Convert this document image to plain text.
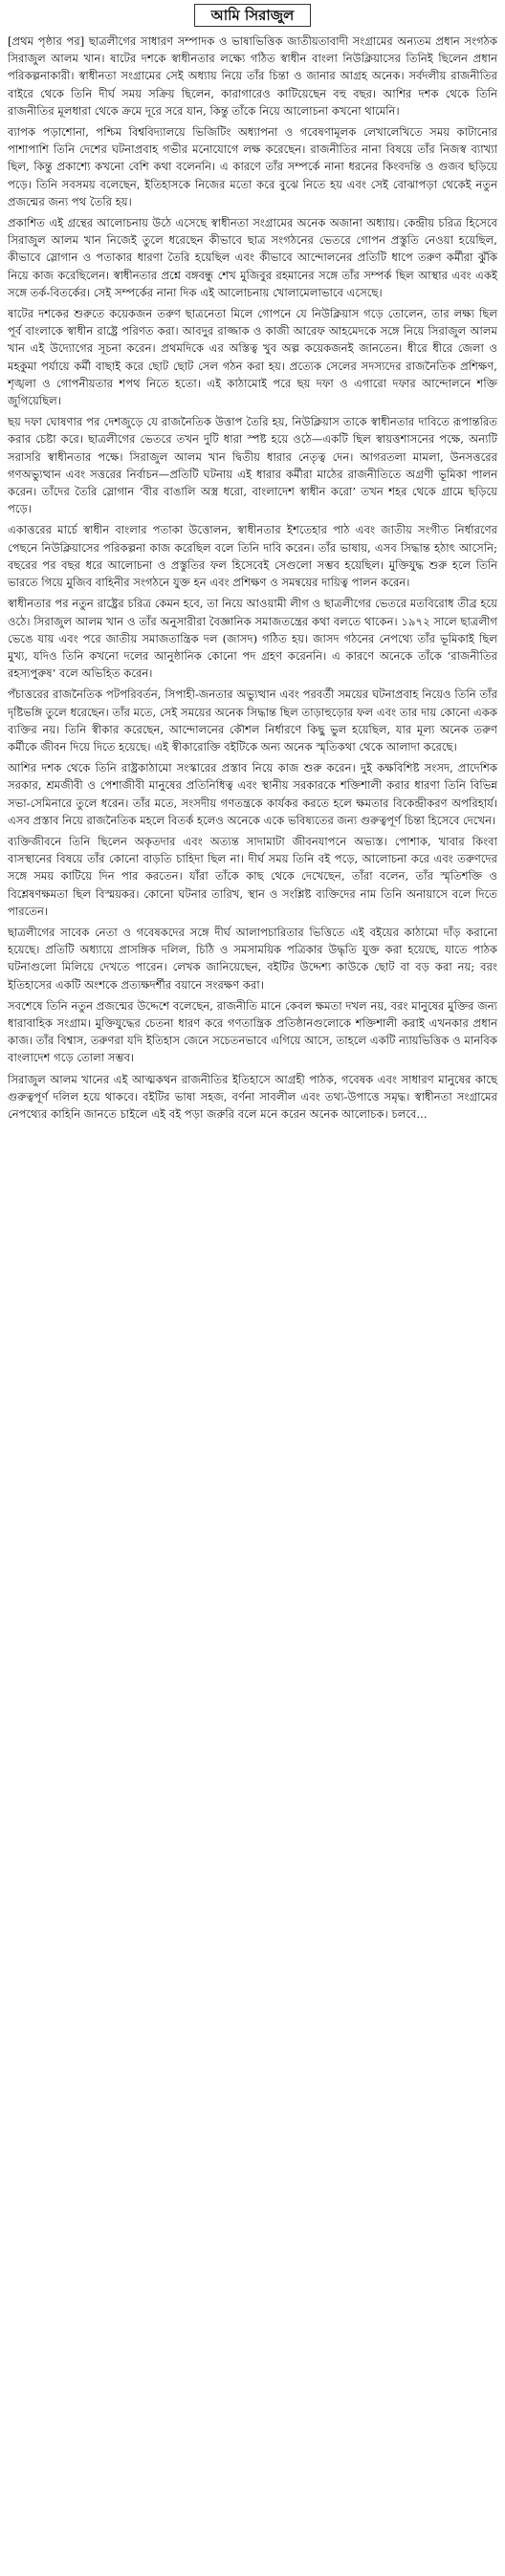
আমি সিরাজুল

[প্রথম পৃষ্ঠার পর] ছাত্রলীগের সাধারণ সম্পাদক ও ভাষাভিত্তিক জাতীয়তাবাদী সংগ্রামের অন্যতম প্রধান সংগঠক সিরাজুল আলম খান। ষাটের দশকে স্বাধীনতার লক্ষ্যে গঠিত স্বাধীন বাংলা নিউক্লিয়াসের তিনিই ছিলেন প্রধান পরিকল্পনাকারী। স্বাধীনতা সংগ্রামের সেই অধ্যায় নিয়ে তাঁর চিন্তা ও জানার আগ্রহ অনেক। সর্বদলীয় রাজনীতির বাইরে থেকে তিনি দীর্ঘ সময় সক্রিয় ছিলেন, কারাগারেও কাটিয়েছেন বহু বছর। আশির দশক থেকে তিনি রাজনীতির মূলধারা থেকে ক্রমে দূরে সরে যান, কিন্তু তাঁকে নিয়ে আলোচনা কখনো থামেনি।

ব্যাপক পড়াশোনা, পশ্চিম বিশ্ববিদ্যালয়ে ভিজিটিং অধ্যাপনা ও গবেষণামূলক লেখালেখিতে সময় কাটানোর পাশাপাশি তিনি দেশের ঘটনাপ্রবাহ গভীর মনোযোগে লক্ষ করেছেন। রাজনীতির নানা বিষয়ে তাঁর নিজস্ব ব্যাখ্যা ছিল, কিন্তু প্রকাশ্যে কখনো বেশি কথা বলেননি। এ কারণে তাঁর সম্পর্কে নানা ধরনের কিংবদন্তি ও গুজব ছড়িয়ে পড়ে। তিনি সবসময় বলেছেন, ইতিহাসকে নিজের মতো করে বুঝে নিতে হয় এবং সেই বোঝাপড়া থেকেই নতুন প্রজন্মের জন্য পথ তৈরি হয়।

প্রকাশিত এই গ্রন্থের আলোচনায় উঠে এসেছে স্বাধীনতা সংগ্রামের অনেক অজানা অধ্যায়। কেন্দ্রীয় চরিত্র হিসেবে সিরাজুল আলম খান নিজেই তুলে ধরেছেন কীভাবে ছাত্র সংগঠনের ভেতরে গোপন প্রস্তুতি নেওয়া হয়েছিল, কীভাবে স্লোগান ও পতাকার ধারণা তৈরি হয়েছিল এবং কীভাবে আন্দোলনের প্রতিটি ধাপে তরুণ কর্মীরা ঝুঁকি নিয়ে কাজ করেছিলেন। স্বাধীনতার প্রশ্নে বঙ্গবন্ধু শেখ মুজিবুর রহমানের সঙ্গে তাঁর সম্পর্ক ছিল আস্থার এবং একই সঙ্গে তর্ক-বিতর্কের। সেই সম্পর্কের নানা দিক এই আলোচনায় খোলামেলাভাবে এসেছে।

ষাটের দশকের শুরুতে কয়েকজন তরুণ ছাত্রনেতা মিলে গোপনে যে নিউক্লিয়াস গড়ে তোলেন, তার লক্ষ্য ছিল পূর্ব বাংলাকে স্বাধীন রাষ্ট্রে পরিণত করা। আবদুর রাজ্জাক ও কাজী আরেফ আহমেদকে সঙ্গে নিয়ে সিরাজুল আলম খান এই উদ্যোগের সূচনা করেন। প্রথমদিকে এর অস্তিত্ব খুব অল্প কয়েকজনই জানতেন। ধীরে ধীরে জেলা ও মহকুমা পর্যায়ে কর্মী বাছাই করে ছোট ছোট সেল গঠন করা হয়। প্রত্যেক সেলের সদস্যদের রাজনৈতিক প্রশিক্ষণ, শৃঙ্খলা ও গোপনীয়তার শপথ নিতে হতো। এই কাঠামোই পরে ছয় দফা ও এগারো দফার আন্দোলনে শক্তি জুগিয়েছিল।

ছয় দফা ঘোষণার পর দেশজুড়ে যে রাজনৈতিক উত্তাপ তৈরি হয়, নিউক্লিয়াস তাকে স্বাধীনতার দাবিতে রূপান্তরিত করার চেষ্টা করে। ছাত্রলীগের ভেতরে তখন দুটি ধারা স্পষ্ট হয়ে ওঠে—একটি ছিল স্বায়ত্তশাসনের পক্ষে, অন্যটি সরাসরি স্বাধীনতার পক্ষে। সিরাজুল আলম খান দ্বিতীয় ধারার নেতৃত্ব দেন। আগরতলা মামলা, উনসত্তরের গণঅভ্যুত্থান এবং সত্তরের নির্বাচন—প্রতিটি ঘটনায় এই ধারার কর্মীরা মাঠের রাজনীতিতে অগ্রণী ভূমিকা পালন করেন। তাঁদের তৈরি স্লোগান ‘বীর বাঙালি অস্ত্র ধরো, বাংলাদেশ স্বাধীন করো’ তখন শহর থেকে গ্রামে ছড়িয়ে পড়ে।

একাত্তরের মার্চে স্বাধীন বাংলার পতাকা উত্তোলন, স্বাধীনতার ইশতেহার পাঠ এবং জাতীয় সংগীত নির্ধারণের পেছনে নিউক্লিয়াসের পরিকল্পনা কাজ করেছিল বলে তিনি দাবি করেন। তাঁর ভাষায়, এসব সিদ্ধান্ত হঠাৎ আসেনি; বছরের পর বছর ধরে আলোচনা ও প্রস্তুতির ফল হিসেবেই সেগুলো সম্ভব হয়েছিল। মুক্তিযুদ্ধ শুরু হলে তিনি ভারতে গিয়ে মুজিব বাহিনীর সংগঠনে যুক্ত হন এবং প্রশিক্ষণ ও সমন্বয়ের দায়িত্ব পালন করেন।

স্বাধীনতার পর নতুন রাষ্ট্রের চরিত্র কেমন হবে, তা নিয়ে আওয়ামী লীগ ও ছাত্রলীগের ভেতরে মতবিরোধ তীব্র হয়ে ওঠে। সিরাজুল আলম খান ও তাঁর অনুসারীরা বৈজ্ঞানিক সমাজতন্ত্রের কথা বলতে থাকেন। ১৯৭২ সালে ছাত্রলীগ ভেঙে যায় এবং পরে জাতীয় সমাজতান্ত্রিক দল (জাসদ) গঠিত হয়। জাসদ গঠনের নেপথ্যে তাঁর ভূমিকাই ছিল মুখ্য, যদিও তিনি কখনো দলের আনুষ্ঠানিক কোনো পদ গ্রহণ করেননি। এ কারণে অনেকে তাঁকে ‘রাজনীতির রহস্যপুরুষ’ বলে অভিহিত করেন।

পঁচাত্তরের রাজনৈতিক পটপরিবর্তন, সিপাহী-জনতার অভ্যুত্থান এবং পরবর্তী সময়ের ঘটনাপ্রবাহ নিয়েও তিনি তাঁর দৃষ্টিভঙ্গি তুলে ধরেছেন। তাঁর মতে, সেই সময়ের অনেক সিদ্ধান্ত ছিল তাড়াহুড়োর ফল এবং তার দায় কোনো একক ব্যক্তির নয়। তিনি স্বীকার করেছেন, আন্দোলনের কৌশল নির্ধারণে কিছু ভুল হয়েছিল, যার মূল্য অনেক তরুণ কর্মীকে জীবন দিয়ে দিতে হয়েছে। এই স্বীকারোক্তি বইটিকে অন্য অনেক স্মৃতিকথা থেকে আলাদা করেছে।

আশির দশক থেকে তিনি রাষ্ট্রকাঠামো সংস্কারের প্রস্তাব নিয়ে কাজ শুরু করেন। দুই কক্ষবিশিষ্ট সংসদ, প্রাদেশিক সরকার, শ্রমজীবী ও পেশাজীবী মানুষের প্রতিনিধিত্ব এবং স্থানীয় সরকারকে শক্তিশালী করার ধারণা তিনি বিভিন্ন সভা-সেমিনারে তুলে ধরেন। তাঁর মতে, সংসদীয় গণতন্ত্রকে কার্যকর করতে হলে ক্ষমতার বিকেন্দ্রীকরণ অপরিহার্য। এসব প্রস্তাব নিয়ে রাজনৈতিক মহলে বিতর্ক হলেও অনেকে একে ভবিষ্যতের জন্য গুরুত্বপূর্ণ চিন্তা হিসেবে দেখেন।

ব্যক্তিজীবনে তিনি ছিলেন অকৃতদার এবং অত্যন্ত সাদামাটা জীবনযাপনে অভ্যস্ত। পোশাক, খাবার কিংবা বাসস্থানের বিষয়ে তাঁর কোনো বাড়তি চাহিদা ছিল না। দীর্ঘ সময় তিনি বই পড়ে, আলোচনা করে এবং তরুণদের সঙ্গে সময় কাটিয়ে দিন পার করতেন। যাঁরা তাঁকে কাছ থেকে দেখেছেন, তাঁরা বলেন, তাঁর স্মৃতিশক্তি ও বিশ্লেষণক্ষমতা ছিল বিস্ময়কর। কোনো ঘটনার তারিখ, স্থান ও সংশ্লিষ্ট ব্যক্তিদের নাম তিনি অনায়াসে বলে দিতে পারতেন।

ছাত্রলীগের সাবেক নেতা ও গবেষকদের সঙ্গে দীর্ঘ আলাপচারিতার ভিত্তিতে এই বইয়ের কাঠামো দাঁড় করানো হয়েছে। প্রতিটি অধ্যায়ে প্রাসঙ্গিক দলিল, চিঠি ও সমসাময়িক পত্রিকার উদ্ধৃতি যুক্ত করা হয়েছে, যাতে পাঠক ঘটনাগুলো মিলিয়ে দেখতে পারেন। লেখক জানিয়েছেন, বইটির উদ্দেশ্য কাউকে ছোট বা বড় করা নয়; বরং ইতিহাসের একটি অংশকে প্রত্যক্ষদর্শীর বয়ানে সংরক্ষণ করা।

সবশেষে তিনি নতুন প্রজন্মের উদ্দেশে বলেছেন, রাজনীতি মানে কেবল ক্ষমতা দখল নয়, বরং মানুষের মুক্তির জন্য ধারাবাহিক সংগ্রাম। মুক্তিযুদ্ধের চেতনা ধারণ করে গণতান্ত্রিক প্রতিষ্ঠানগুলোকে শক্তিশালী করাই এখনকার প্রধান কাজ। তাঁর বিশ্বাস, তরুণরা যদি ইতিহাস জেনে সচেতনভাবে এগিয়ে আসে, তাহলে একটি ন্যায়ভিত্তিক ও মানবিক বাংলাদেশ গড়ে তোলা সম্ভব।

সিরাজুল আলম খানের এই আত্মকথন রাজনীতির ইতিহাসে আগ্রহী পাঠক, গবেষক এবং সাধারণ মানুষের কাছে গুরুত্বপূর্ণ দলিল হয়ে থাকবে। বইটির ভাষা সহজ, বর্ণনা সাবলীল এবং তথ্য-উপাত্তে সমৃদ্ধ। স্বাধীনতা সংগ্রামের নেপথ্যের কাহিনি জানতে চাইলে এই বই পড়া জরুরি বলে মনে করেন অনেক আলোচক। চলবে...
